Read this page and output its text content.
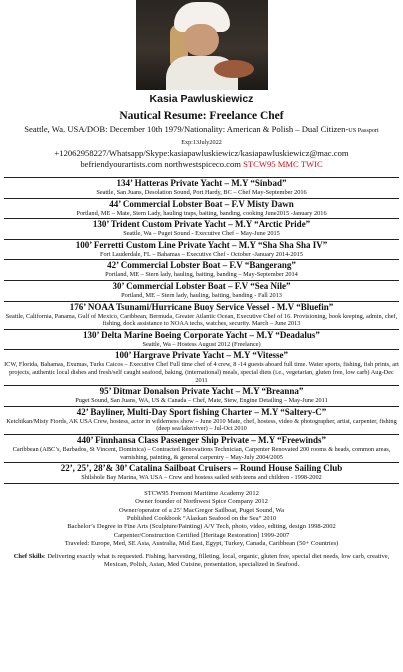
Kasia Pawluskiewicz
Nautical Resume: Freelance Chef
Seattle, Wa. USA/DOB: December 10th 1979/Nationality: American & Polish – Dual Citizen-US Passport Exp:13July2022
+12062958227/Whatsapp/Skype:kasiapawluskiewicz/kasiapawluskiewicz@mac.com
befriendyourartists.com northwestspiceco.com STCW95 MMC TWIC
134’ Hatteras Private Yacht – M.Y “Sinbad”
Seattle, San Juans, Desolation Sound, Port Hardy, BC – Chef May-September 2016
44’ Commercial Lobster Boat – F.V Misty Dawn
Portland, ME – Mate, Stern Lady, hauling traps, baiting, banding, cooking June2015 -January 2016
130’ Trident Custom Private Yacht – M.Y “Arctic Pride”
Seattle, Wa – Puget Sound - Executive Chef – May-June 2015
100’ Ferretti Custom Line Private Yacht – M.Y “Sha Sha Sha IV”
Fort Lauderdale, FL – Bahamas – Executive Chef - October -January 2014-2015
42’ Commercial Lobster Boat – F.V “Bangerang”
Portland, ME – Stern lady, hauling, baiting, banding – May-September 2014
30’ Commercial Lobster Boat – F.V “Sea Nile”
Portland, ME – Stern lady, hauling, baiting, banding - Fall 2013
176’ NOAA Tsunami/Hurricane Buoy Service Vessel - M.V “Bluefin”
Seattle, California, Panama, Gulf of Mexico, Caribbean, Bermuda, Greater Atlantic Ocean, Executive Chef of 16. Provisioning, book keeping, admin, chef, fishing, dock assistance to NOAA techs, watches, security. March – June 2013
130’ Delta Marine Boeing Corporate Yacht – M.Y “Deadalus”
Seattle, Wa – Hostess August 2012 (Freelance)
100’ Hargrave Private Yacht – M.Y “Vitesse”
ICW, Florida, Bahamas, Exumas, Turks Caicos – Executive Chef Full time chef of 4 crew, 8 -14 guests aboard full time. Water sports, fishing, fish prints, art projects, authentic local dishes and fresh/self caught seafood, baking, (international) meals, special diets (i.e., vegetarian, gluten free, low carb) Aug-Dec 2011
95’ Ditmar Donalson Private Yacht – M.Y “Breanna”
Puget Sound, San Juans, WA, US & Canada – Chef, Mate, Stew, Engine Detailing – May-June 2011
42’ Bayliner, Multi-Day Sport fishing Charter – M.Y “Saltery-C”
Ketchikan/Misty Fiords, AK USA Crew, hostess, actor in wilderness show – June 2010 Mate, chef, hostess, video & photographer, artist, carpenter, fishing (deep sea/lake/river) – Jul-Oct 2010
440’ Finnhansa Class Passenger Ship Private – M.Y “Freewinds”
Caribbean (ABC’s, Barbados, St Vincent, Dominica) – Contracted Renovations Technician, Carpenter Renovated 200 rooms & heads, common areas, varnishing, painting, & general carpentry – May-July 2004/2005
22’, 25’, 28’& 30’ Catalina Sailboat Cruisers – Round House Sailing Club
Shilshole Bay Marina, WA USA – Crew and hostess sailed with teens and children - 1998-2002
STCW95 Fremont Maritime Academy 2012
Owner founder of Northwest Spice Company 2012
Owner/operator of a 25’ MacGregor Sailboat, Puget Sound, Wa
Published Cookbook “Alaskan Seafood on the Sea” 2010
Bachelor’s Degree in Fine Arts (Sculpture/Painting) A/V Tech, photo, video, editing, design 1998-2002
Carpenter/Construction Certified [Heritage Restoration] 1999-2007
Traveled: Europe, Med, SE Asia, Australia, Mid East, Egypt, Turkey, Canada, Caribbean (50+ Countries)
Chef Skills: Delivering exactly what is requested. Fishing, harvesting, filleting, local, organic, gluten free, special diet needs, low carb, creative, Mexican, Polish, Asian, Med Cuisine, presentation, specialized in Seafood.
